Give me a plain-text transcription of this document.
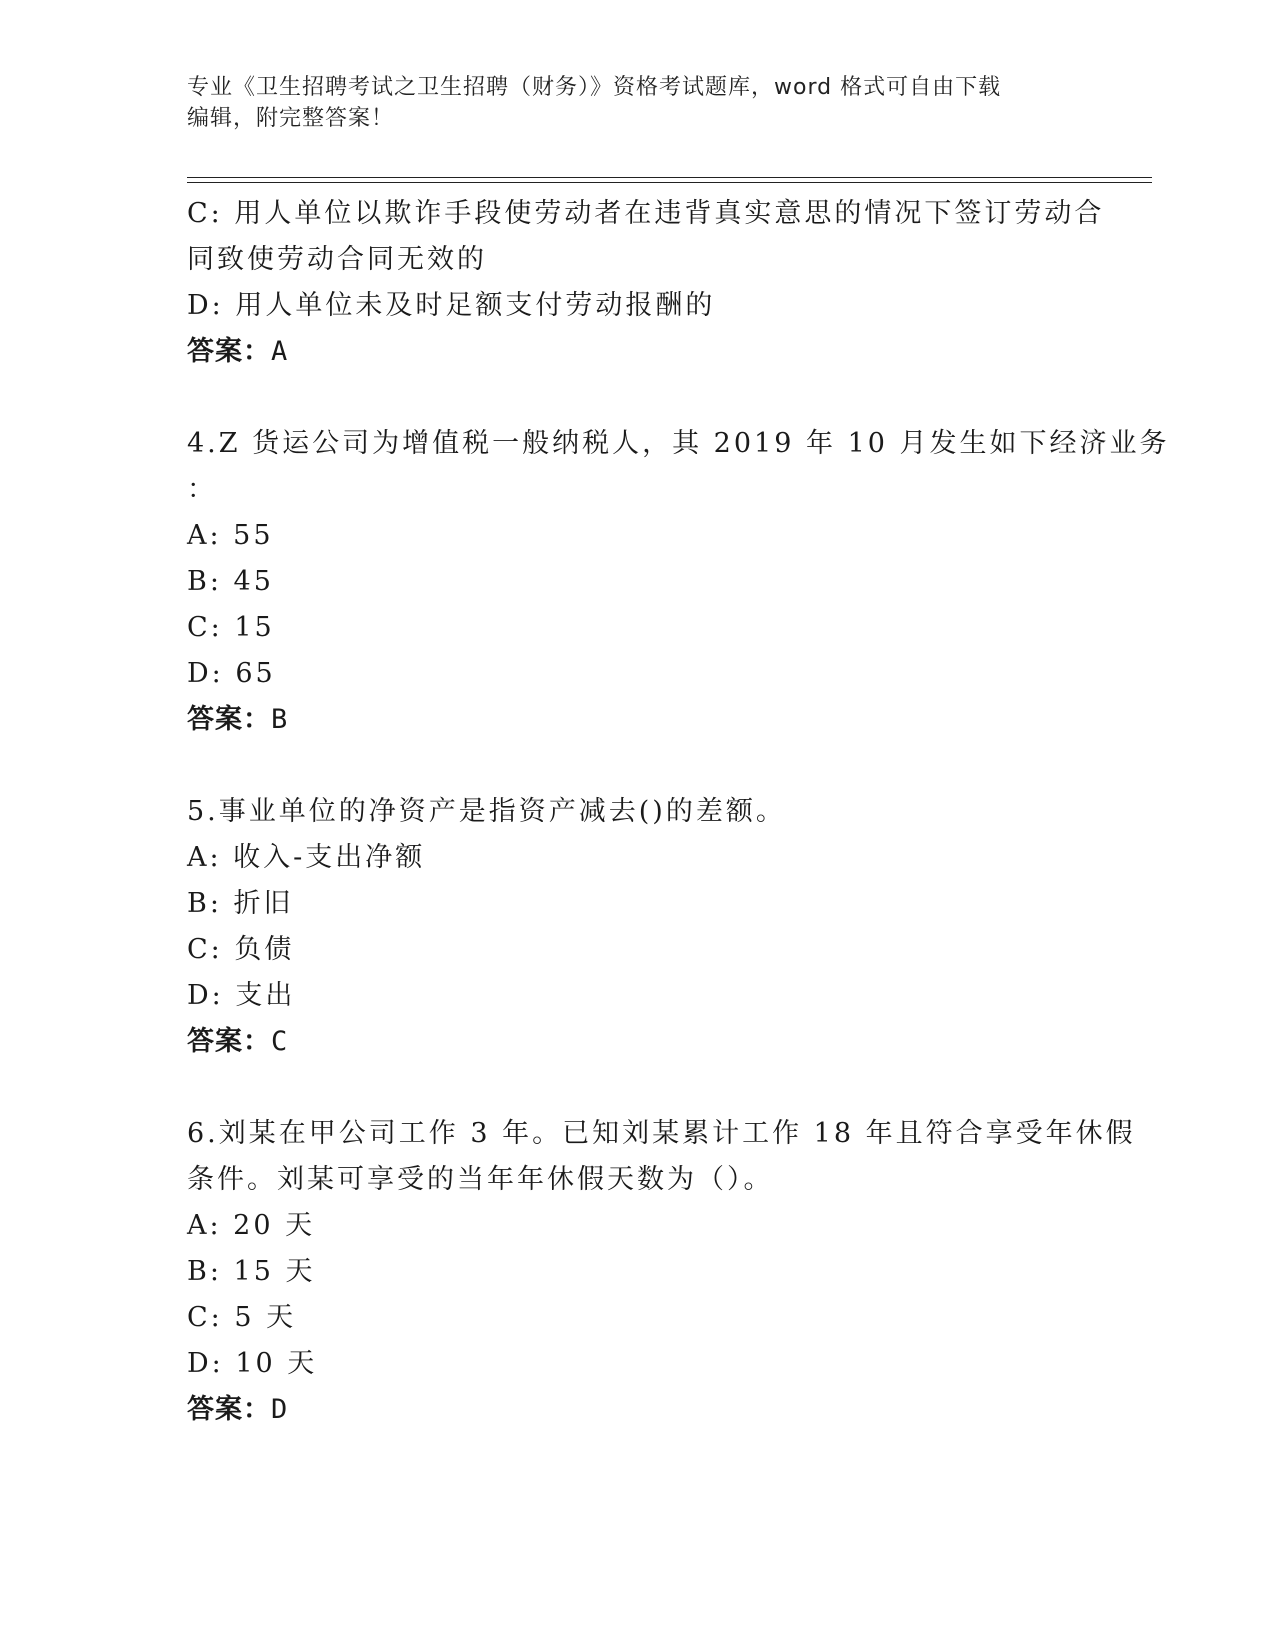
专业《卫生招聘考试之卫生招聘（财务）》资格考试题库，word 格式可自由下载
编辑，附完整答案！
C: 用人单位以欺诈手段使劳动者在违背真实意思的情况下签订劳动合
同致使劳动合同无效的
D: 用人单位未及时足额支付劳动报酬的
答案：A
4.Z 货运公司为增值税一般纳税人，其 2019 年 10 月发生如下经济业务
：
A: 55
B: 45
C: 15
D: 65
答案：B
5.事业单位的净资产是指资产减去()的差额。
A: 收入-支出净额
B: 折旧
C: 负债
D: 支出
答案：C
6.刘某在甲公司工作 3 年。已知刘某累计工作 18 年且符合享受年休假
条件。刘某可享受的当年年休假天数为（）。
A: 20 天
B: 15 天
C: 5 天
D: 10 天
答案：D
